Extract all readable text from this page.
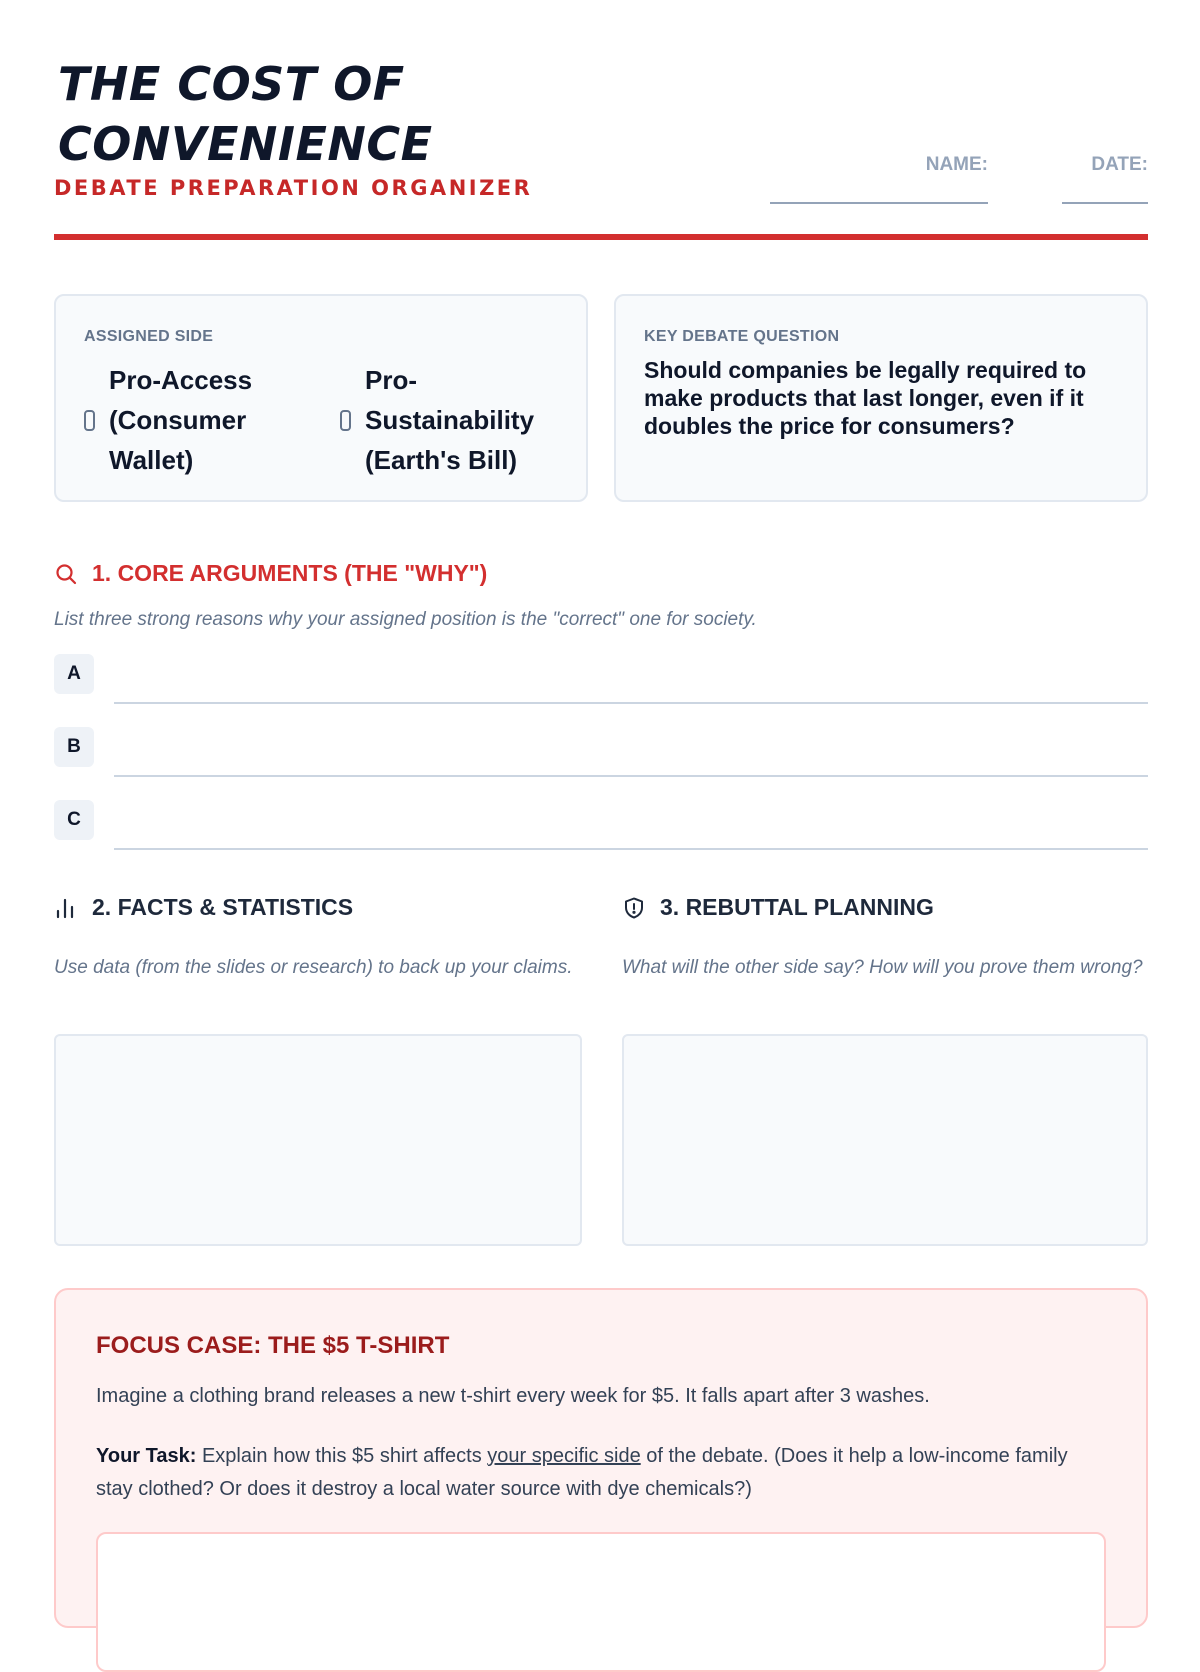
THE COST OF
CONVENIENCE
DEBATE PREPARATION ORGANIZER
NAME:	DATE:
ASSIGNED SIDE
Pro-Access (Consumer Wallet)
Pro-Sustainability (Earth's Bill)
KEY DEBATE QUESTION
Should companies be legally required to make products that last longer, even if it doubles the price for consumers?
1. CORE ARGUMENTS (THE "WHY")
List three strong reasons why your assigned position is the "correct" one for society.
A
B
C
2. FACTS & STATISTICS
Use data (from the slides or research) to back up your claims.
3. REBUTTAL PLANNING
What will the other side say? How will you prove them wrong?
FOCUS CASE: THE $5 T-SHIRT
Imagine a clothing brand releases a new t-shirt every week for $5. It falls apart after 3 washes.
Your Task: Explain how this $5 shirt affects your specific side of the debate. (Does it help a low-income family stay clothed? Or does it destroy a local water source with dye chemicals?)
